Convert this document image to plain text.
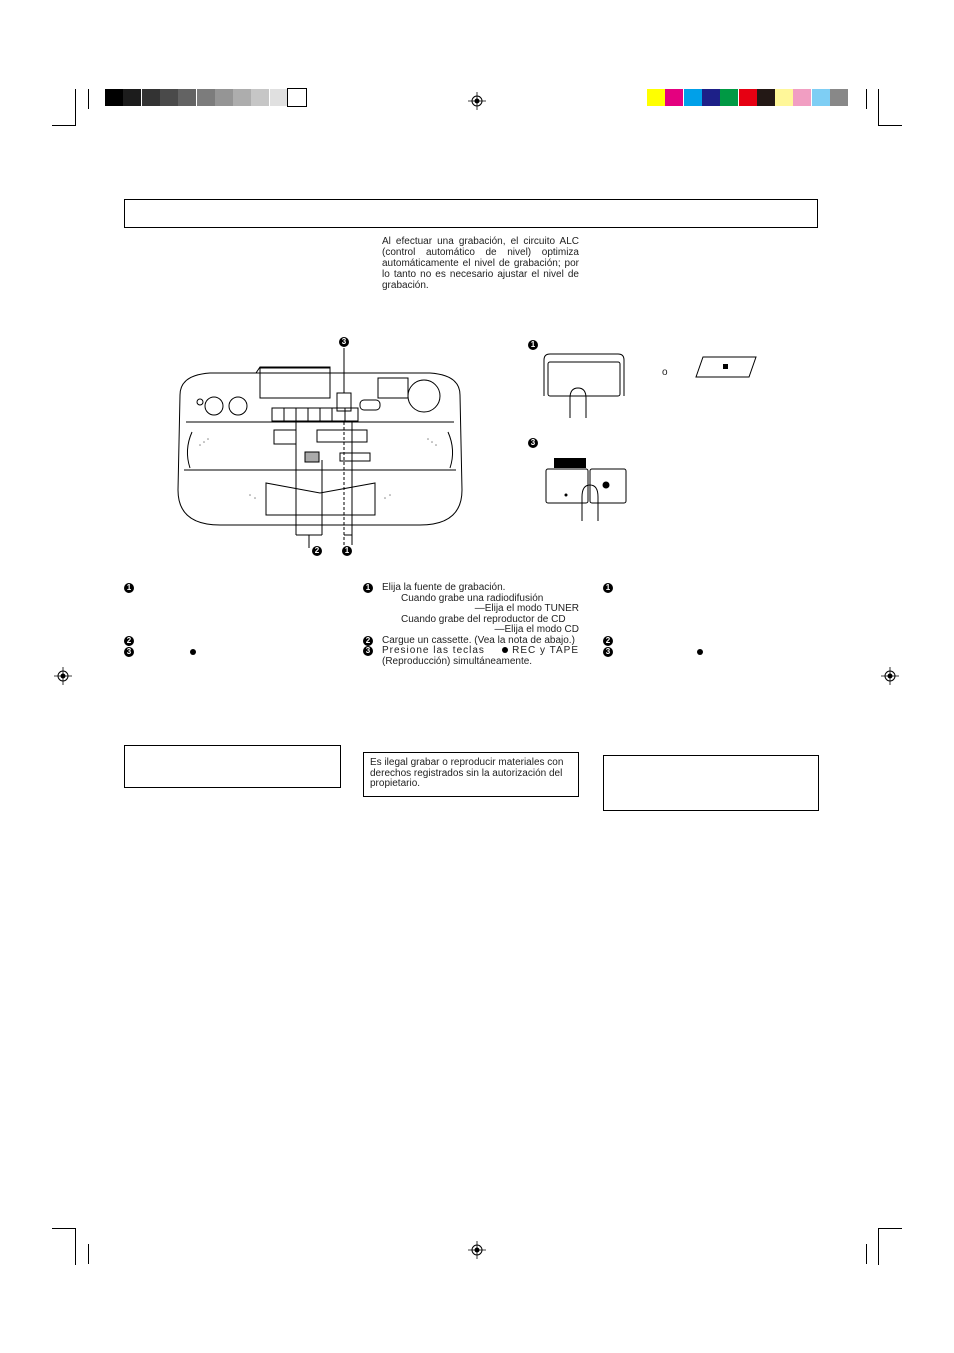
Al efectuar una grabación, el circuito ALC (control automático de nivel) optimiza automáticamente el nivel de grabación; por lo tanto no es necesario ajustar el nivel de grabación.
3
2	1
1
o
3
1
2
3
1
2
3
1 Elija la fuente de grabación.
Cuando grabe una radiodifusión
—Elija el modo TUNER
Cuando grabe del reproductor de CD
—Elija el modo CD
2 Cargue un cassette. (Vea la nota de abajo.)
3 Presione las teclas	REC y TAPE
(Reproducción) simultáneamente.
Es ilegal grabar o reproducir materiales con derechos registrados sin la autorización del propietario.
